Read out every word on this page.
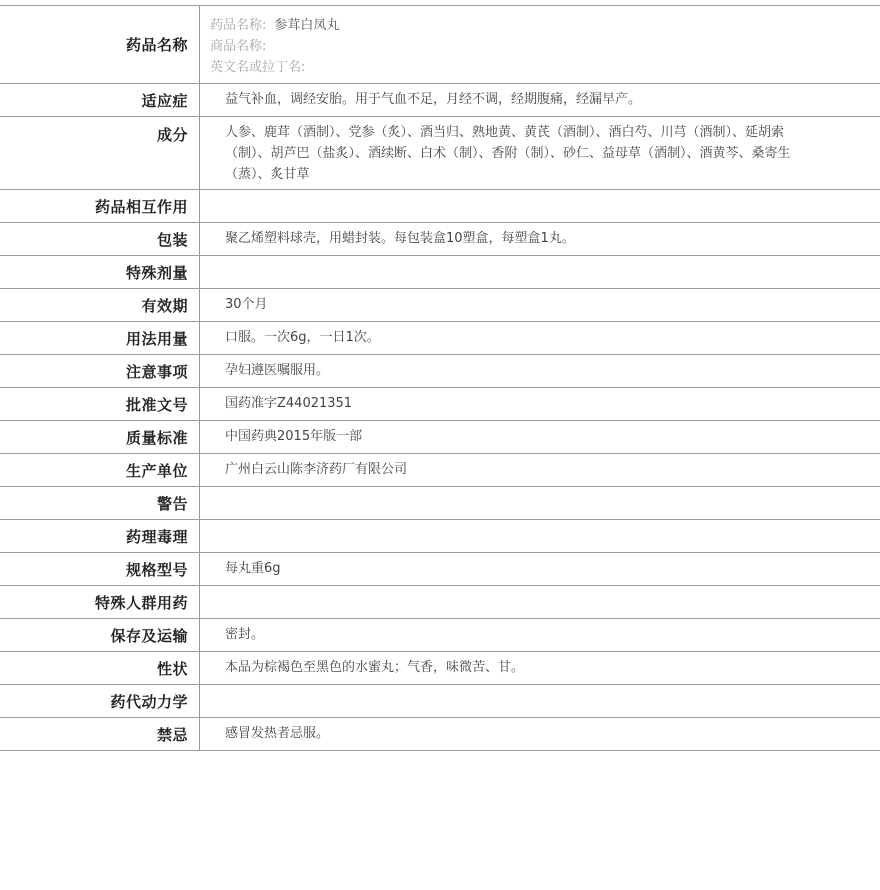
药品名称
药品名称: 参茸白凤丸
商品名称:
英文名或拉丁名:
适应症	益气补血，调经安胎。用于气血不足，月经不调，经期腹痛，经漏早产。
成分	人参、鹿茸（酒制）、党参（炙）、酒当归、熟地黄、黄芪（酒制）、酒白芍、川芎（酒制）、延胡索（制）、胡芦巴（盐炙）、酒续断、白术（制）、香附（制）、砂仁、益母草（酒制）、酒黄芩、桑寄生（蒸）、炙甘草
药品相互作用
包装	聚乙烯塑料球壳，用蜡封装。每包装盒10塑盒，每塑盒1丸。
特殊剂量
有效期	30个月
用法用量	口服。一次6g，一日1次。
注意事项	孕妇遵医嘱服用。
批准文号	国药准字Z44021351
质量标准	中国药典2015年版一部
生产单位	广州白云山陈李济药厂有限公司
警告
药理毒理
规格型号	每丸重6g
特殊人群用药
保存及运输	密封。
性状	本品为棕褐色至黑色的水蜜丸；气香，味微苦、甘。
药代动力学
禁忌	感冒发热者忌服。
